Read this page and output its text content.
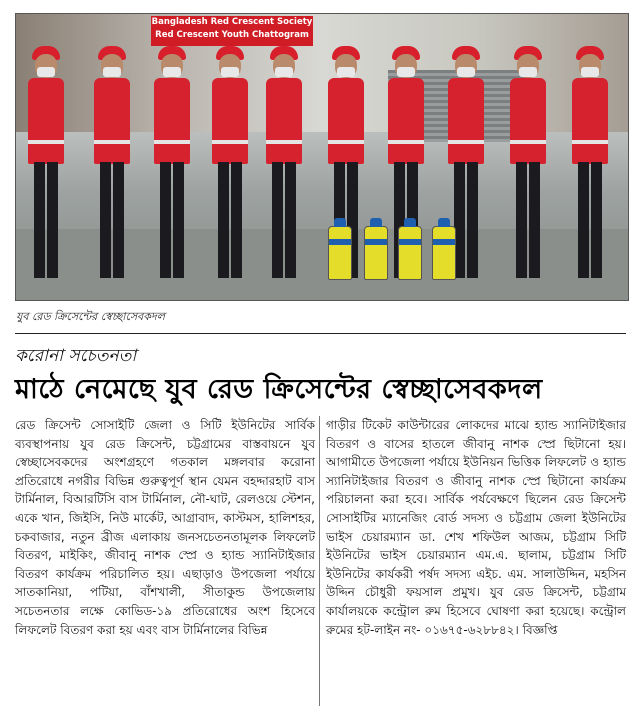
Bangladesh Red Crescent Society
Red Crescent Youth Chattogram
যুব রেড ক্রিসেন্টের স্বেচ্ছাসেবকদল
করোনা সচেতনতা
মাঠে নেমেছে যুব রেড ক্রিসেন্টের স্বেচ্ছাসেবকদল
রেড ক্রিসেন্ট সোসাইটি জেলা ও সিটি ইউনিটের সার্বিক ব্যবস্থাপনায় যুব রেড ক্রিসেন্ট, চট্টগ্রামের বাস্তবায়নে যুব স্বেচ্ছাসেবকদের অংশগ্রহণে গতকাল মঙ্গলবার করোনা প্রতিরোধে নগরীর বিভিন্ন গুরুত্বপূর্ণ স্থান যেমন বহদ্দারহাট বাস টার্মিনাল, বিআরটিসি বাস টার্মিনাল, নৌ-ঘাট, রেলওয়ে স্টেশন, একে খান, জিইসি, নিউ মার্কেট, আগ্রাবাদ, কাস্টমস, হালিশহর, চকবাজার, নতুন ব্রীজ এলাকায় জনসচেতনতামূলক লিফলেট বিতরণ, মাইকিং, জীবানু নাশক স্প্রে ও হ্যান্ড স্যানিটাইজার বিতরণ কার্যক্রম পরিচালিত হয়। এছাড়াও উপজেলা পর্যায়ে সাতকানিয়া, পটিয়া, বাঁশখালী, সীতাকুন্ড উপজেলায় সচেতনতার লক্ষে কোভিড-১৯ প্রতিরোধের অংশ হিসেবে লিফলেট বিতরণ করা হয় এবং বাস টার্মিনালের বিভিন্ন
গাড়ীর টিকেট কাউন্টারের লোকদের মাঝে হ্যান্ড স্যানিটাইজার বিতরণ ও বাসের হাতলে জীবানু নাশক স্প্রে ছিটানো হয়। আগামীতে উপজেলা পর্যায়ে ইউনিয়ন ভিত্তিক লিফলেট ও হ্যান্ড স্যানিটাইজার বিতরণ ও জীবানু নাশক স্প্রে ছিটানো কার্যক্রম পরিচালনা করা হবে। সার্বিক পর্যবেক্ষণে ছিলেন রেড ক্রিসেন্ট সোসাইটির ম্যানেজিং বোর্ড সদস্য ও চট্টগ্রাম জেলা ইউনিটের ভাইস চেয়ারম্যান ডা. শেখ শফিউল আজম, চট্টগ্রাম সিটি ইউনিটের ভাইস চেয়ারম্যান এম.এ. ছালাম, চট্টগ্রাম সিটি ইউনিটের কার্যকরী পর্ষদ সদস্য এইচ. এম. সালাউদ্দিন, মহসিন উদ্দিন চৌধুরী ফয়সাল প্রমুখ। যুব রেড ক্রিসেন্ট, চট্টগ্রাম কার্যালয়কে কন্ট্রোল রুম হিসেবে ঘোষণা করা হয়েছে। কন্ট্রোল রুমের হট-লাইন নং- ০১৬৭৫-৬২৮৮৪২। বিজ্ঞপ্তি
